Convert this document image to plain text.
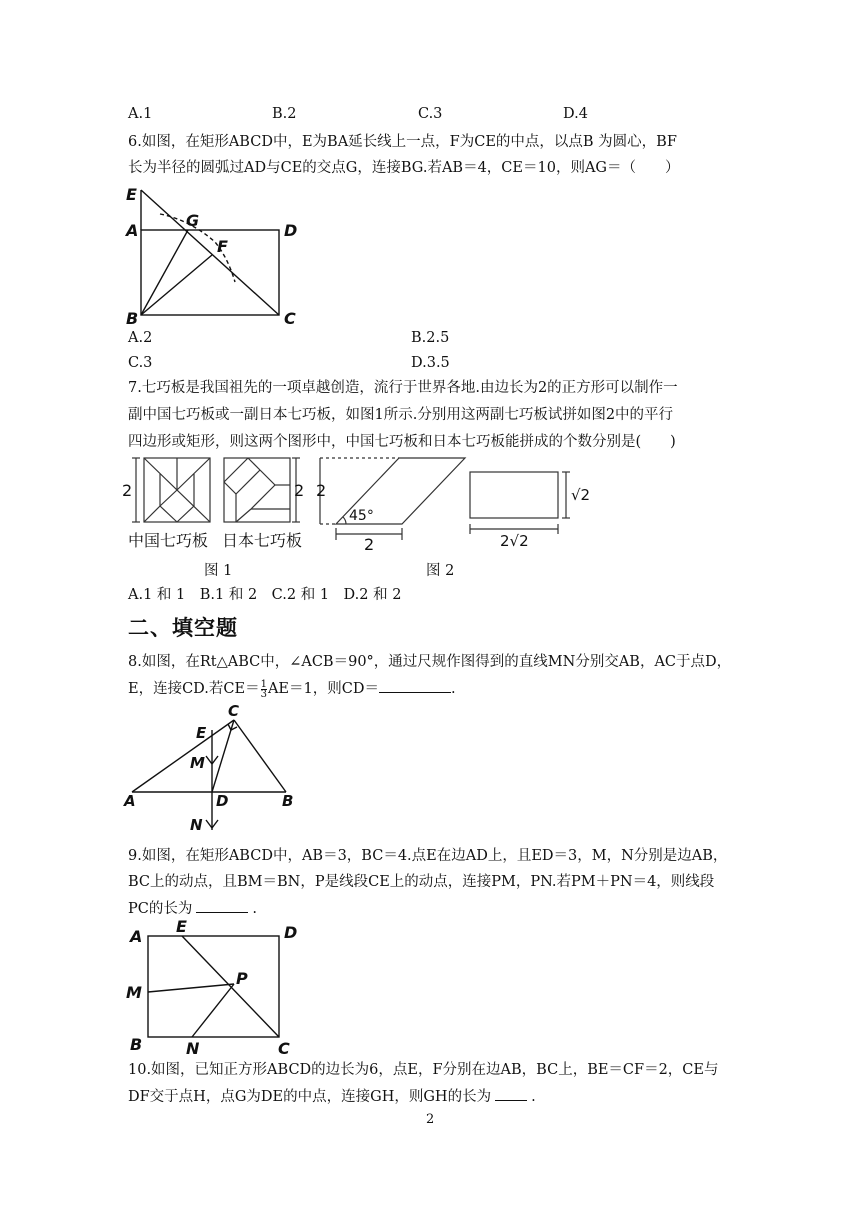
A.1	B.2	C.3	D.4
6.如图，在矩形ABCD中，E为BA延长线上一点，F为CE的中点，以点B 为圆心，BF
长为半径的圆弧过AD与CE的交点G，连接BG.若AB＝4，CE＝10，则AG＝（　　）
E
G
A	D
F
B	C
A.2	B.2.5
C.3	D.3.5
7.七巧板是我国祖先的一项卓越创造，流行于世界各地.由边长为2的正方形可以制作一
副中国七巧板或一副日本七巧板，如图1所示.分别用这两副七巧板试拼如图2中的平行
四边形或矩形，则这两个图形中，中国七巧板和日本七巧板能拼成的个数分别是(　　)
2	2 2
45°
2
√2
2√2
中国七巧板 日本七巧板
图 1	图 2
A.1 和 1　B.1 和 2　C.2 和 1　D.2 和 2
二、填空题
8.如图，在Rt△ABC中，∠ACB＝90°，通过尺规作图得到的直线MN分别交AB，AC于点D，
E，连接CD.若$CE= \frac{1}{3} AE=1$，则CD＝	.
C
E
M
A	D	B
N
9.如图，在矩形ABCD中，AB＝3，BC＝4.点E在边AD上，且ED＝3，M，N分别是边AB，
BC上的动点，且BM＝BN，P是线段CE上的动点，连接PM，PN.若PM＋PN＝4，则线段
PC的长为	.
A
E	D
M
P
B	N	C
10.如图，已知正方形ABCD的边长为6，点E，F分别在边AB，BC上，BE＝CF＝2，CE与
DF交于点H，点G为DE的中点，连接GH，则GH的长为	.
2
